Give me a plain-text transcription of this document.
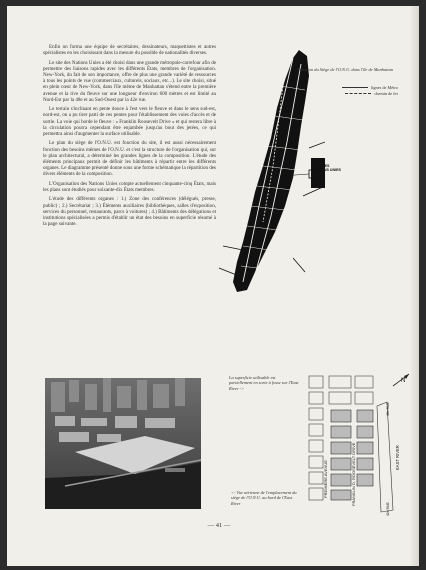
Enfin on forma une équipe de secrétaires, dessinateurs, maquettistes et autres spécialistes en les choisissant dans la mesure du possible de nationalités diverses.

Le site des Nations Unies a été choisi dans une grande métropole-carrefour afin de permettre des liaisons rapides avec les différents États, membres de l'organisation. New-York, du fait de son importance, offre de plus une grande variété de ressources à tous les points de vue (commerciaux, culturels, sociaux, etc...). Le site choisi, situé en plein cœur de New-York, dans l'île même de Manhattan s'étend entre la première avenue et la rive du fleuve sur une longueur d'environ 600 mètres et est limité au Nord-Est par la 48e et au Sud-Ouest par la 42e rue.

Le terrain s'inclinant en pente douce à l'est vers le fleuve et dans le sens sud-est, nord-est, on a pu tirer parti de ces pentes pour l'établissement des voies d'accès et de sortie. La voie qui borde le fleuve : « Franklin Roosevelt Drive » et qui restera libre à la circulation pourra cependant être enjambée jusqu'au bout des jetées, ce qui permettra ainsi d'augmenter la surface utilisable.

Le plan du siège de l'O.N.U. est fonction du site, il est aussi nécessairement fonction des besoins mêmes de l'O.N.U. et c'est la structure de l'organisation qui, sur le plan architectural, a déterminé les grandes lignes de la composition. L'étude des éléments principaux permit de définir les bâtiments à répartir entre les différents organes. Le diagramme présenté donne sous une forme schématique la répartition des divers éléments de la composition.

L'Organisation des Nations Unies compte actuellement cinquante-cinq États, mais les plans sont étudiés pour soixante-dix États membres.

L'étude des différents organes : 1.) Zone des conférences (délégués, presse, public) ; 2.) Secrétariat ; 3.) Éléments auxiliaires (bibliothèques, salles d'exposition, services du personnel, restaurants, parcs à voitures) ; 4.) Bâtiments des délégations et institutions spécialisées a permis d'établir un état des besoins en superficie résumé à la page suivante.

SITE DES
NATIONS UNIES
Situation du Siège de l'O.N.U. dans l'île de Manhattan
lignes de Métro
chemin de fer
La superficie utilisable est partiellement en sorte à fosse sur l'East River ->
<- Vue aérienne de l'emplacement du siège de l'O.N.U. au bord de l'East River
N
PREMIÈRE AVENUE	FRANKLIN D. ROOSEVELT DRIVE	EAST RIVER
48e RUE
42e RUE
— 41 —
